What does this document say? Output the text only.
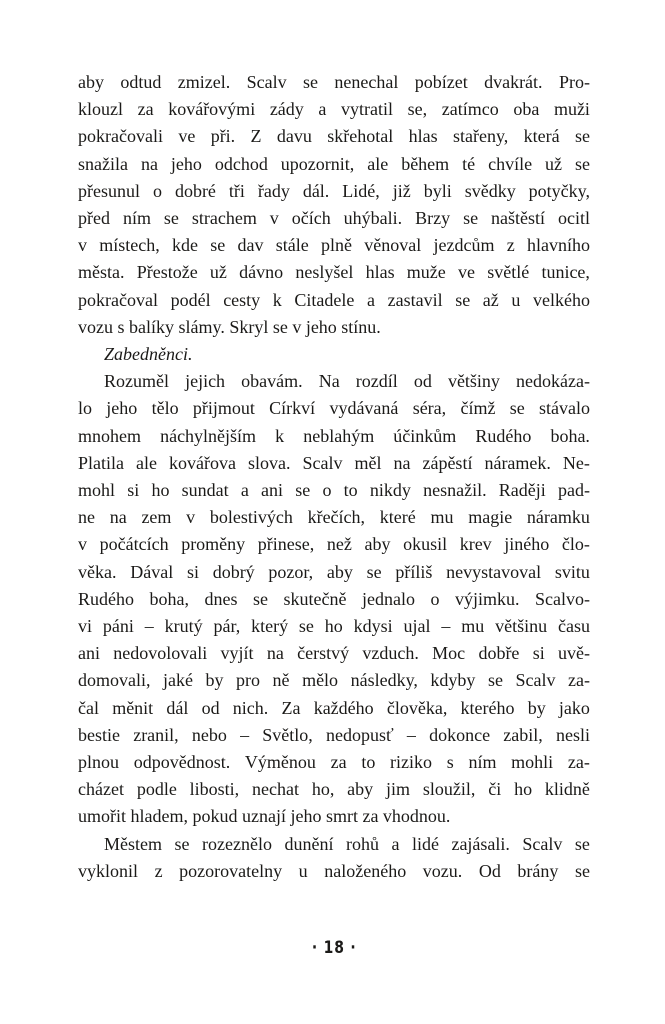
aby odtud zmizel. Scalv se nenechal pobízet dvakrát. Pro-
klouzl za kovářovými zády a vytratil se, zatímco oba muži
pokračovali ve při. Z davu skřehotal hlas stařeny, která se
snažila na jeho odchod upozornit, ale během té chvíle už se
přesunul o dobré tři řady dál. Lidé, již byli svědky potyčky,
před ním se strachem v očích uhýbali. Brzy se naštěstí ocitl
v místech, kde se dav stále plně věnoval jezdcům z hlavního
města. Přestože už dávno neslyšel hlas muže ve světlé tunice,
pokračoval podél cesty k Citadele a zastavil se až u velkého
vozu s balíky slámy. Skryl se v jeho stínu.
Zabedněnci.
Rozuměl jejich obavám. Na rozdíl od většiny nedokáza-
lo jeho tělo přijmout Církví vydávaná séra, čímž se stávalo
mnohem náchylnějším k neblahým účinkům Rudého boha.
Platila ale kovářova slova. Scalv měl na zápěstí náramek. Ne-
mohl si ho sundat a ani se o to nikdy nesnažil. Raději pad-
ne na zem v bolestivých křečích, které mu magie náramku
v počátcích proměny přinese, než aby okusil krev jiného člo-
věka. Dával si dobrý pozor, aby se příliš nevystavoval svitu
Rudého boha, dnes se skutečně jednalo o výjimku. Scalvo-
vi páni – krutý pár, který se ho kdysi ujal – mu většinu času
ani nedovolovali vyjít na čerstvý vzduch. Moc dobře si uvě-
domovali, jaké by pro ně mělo následky, kdyby se Scalv za-
čal měnit dál od nich. Za každého člověka, kterého by jako
bestie zranil, nebo – Světlo, nedopusť – dokonce zabil, nesli
plnou odpovědnost. Výměnou za to riziko s ním mohli za-
cházet podle libosti, nechat ho, aby jim sloužil, či ho klidně
umořit hladem, pokud uznají jeho smrt za vhodnou.
Městem se rozeznělo dunění rohů a lidé zajásali. Scalv se
vyklonil z pozorovatelny u naloženého vozu. Od brány se
· 18 ·
